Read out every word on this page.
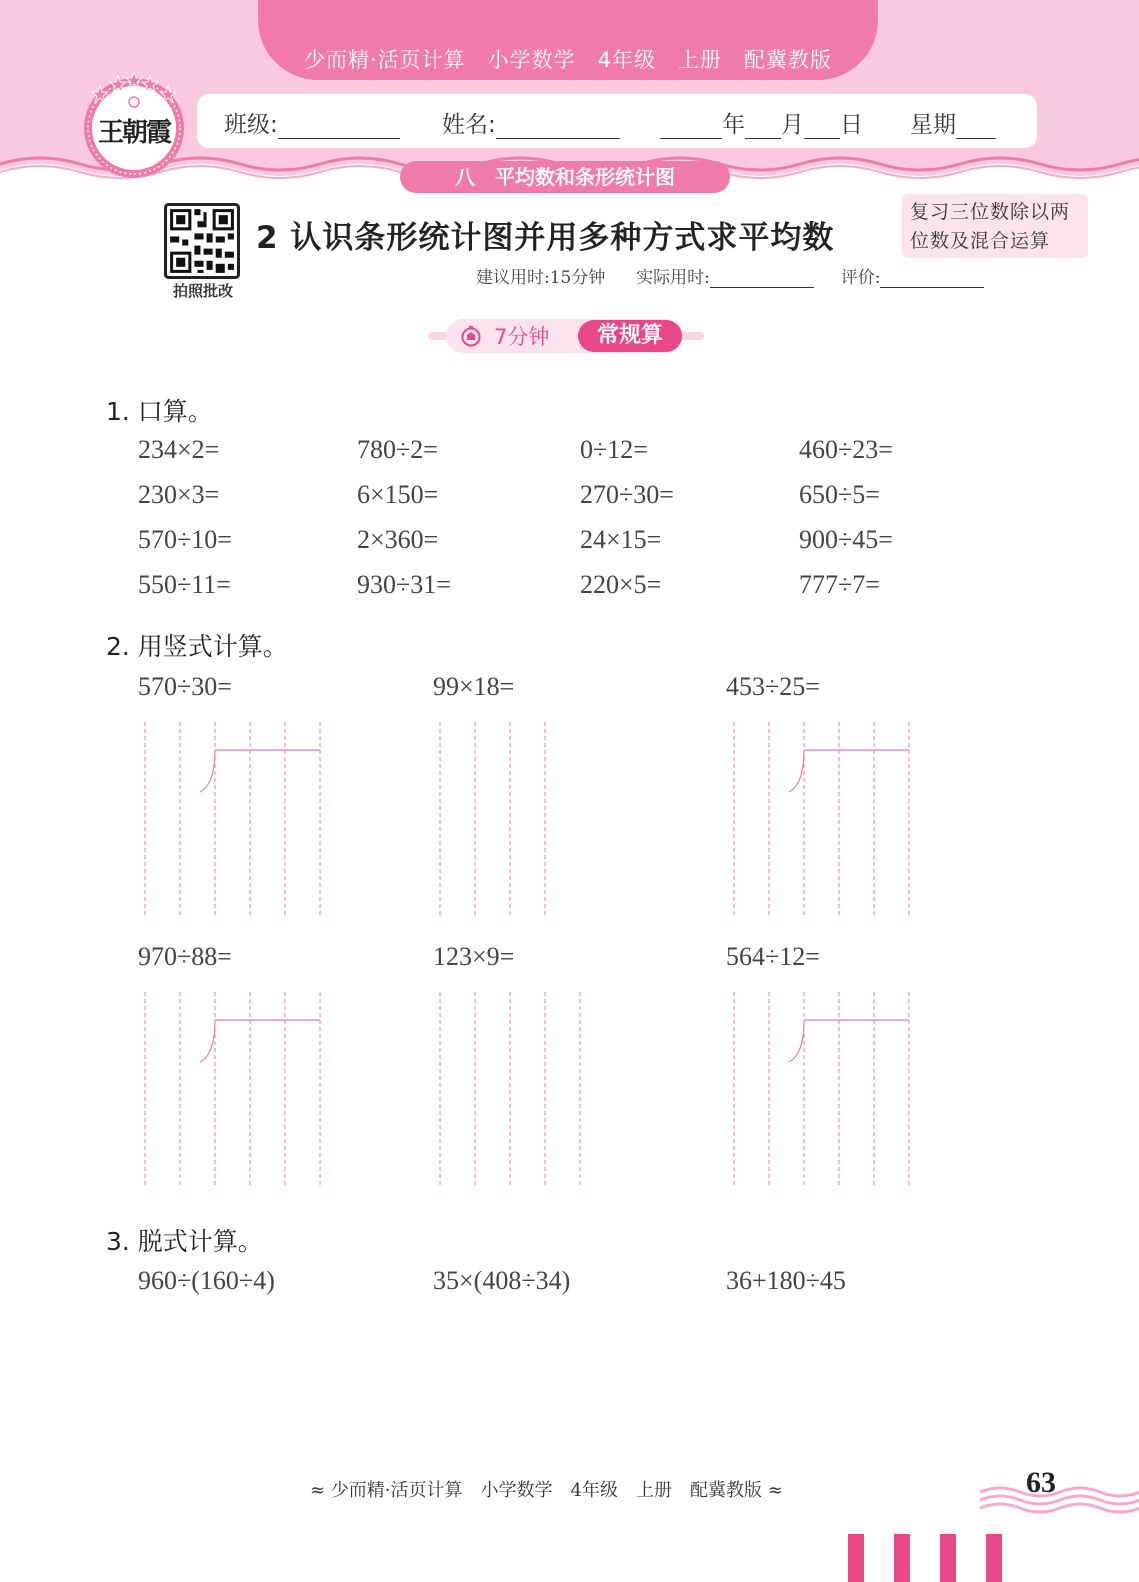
少而精·活页计算　小学数学　4年级　上册　配冀教版
班级:	姓名:	年 月 日 星期
王朝霞
八　平均数和条形统计图
拍照批改
2 认识条形统计图并用多种方式求平均数
复习三位数除以两
位数及混合运算
建议用时:15分钟 实际用时:	评价:
7分钟	常规算
1. 口算。
234×2=	780÷2=	0÷12=	460÷23=
230×3=	6×150=	270÷30=	650÷5=
570÷10=	2×360=	24×15=	900÷45=
550÷11=	930÷31=	220×5=	777÷7=
2. 用竖式计算。
570÷30=	99×18=	453÷25=
970÷88=	123×9=	564÷12=
3. 脱式计算。
960÷(160÷4)	35×(408÷34)	36+180÷45
≈ 少而精·活页计算　小学数学　4年级　上册　配冀教版 ≈	63
